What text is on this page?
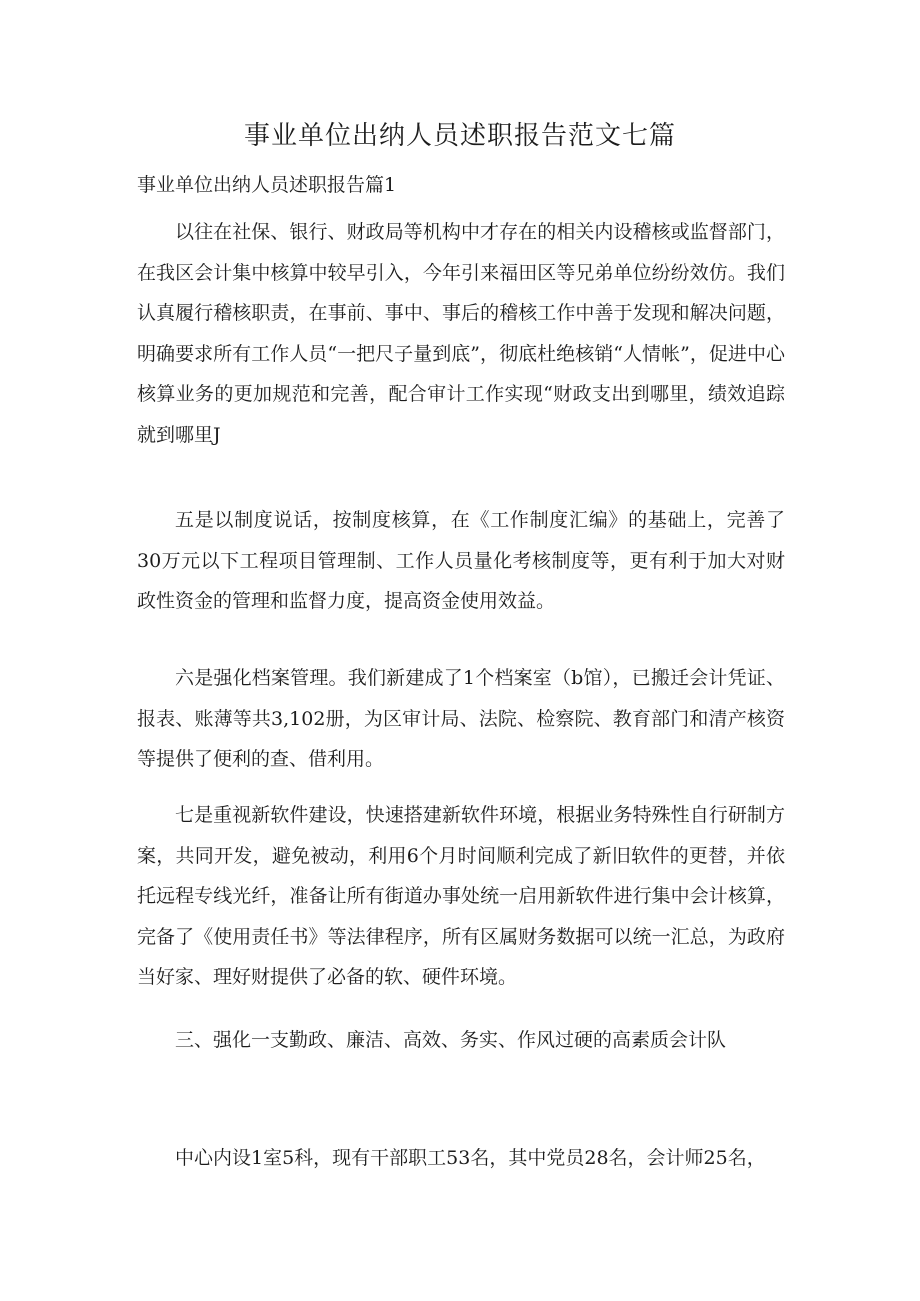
事业单位出纳人员述职报告范文七篇
事业单位出纳人员述职报告篇1

以往在社保、银行、财政局等机构中才存在的相关内设稽核或监督部门，在我区会计集中核算中较早引入，今年引来福田区等兄弟单位纷纷效仿。我们认真履行稽核职责，在事前、事中、事后的稽核工作中善于发现和解决问题，明确要求所有工作人员“一把尺子量到底”，彻底杜绝核销“人情帐”，促进中心核算业务的更加规范和完善，配合审计工作实现“财政支出到哪里，绩效追踪就到哪里J

五是以制度说话，按制度核算，在《工作制度汇编》的基础上，完善了30万元以下工程项目管理制、工作人员量化考核制度等，更有利于加大对财政性资金的管理和监督力度，提高资金使用效益。

六是强化档案管理。我们新建成了1个档案室（b馆），已搬迁会计凭证、报表、账薄等共3,102册，为区审计局、法院、检察院、教育部门和清产核资等提供了便利的查、借利用。

七是重视新软件建设，快速搭建新软件环境，根据业务特殊性自行研制方案，共同开发，避免被动，利用6个月时间顺利完成了新旧软件的更替，并依托远程专线光纤，准备让所有街道办事处统一启用新软件进行集中会计核算，完备了《使用责任书》等法律程序，所有区属财务数据可以统一汇总，为政府当好家、理好财提供了必备的软、硬件环境。

三、强化一支勤政、廉洁、高效、务实、作风过硬的高素质会计队

中心内设1室5科，现有干部职工53名，其中党员28名，会计师25名，
